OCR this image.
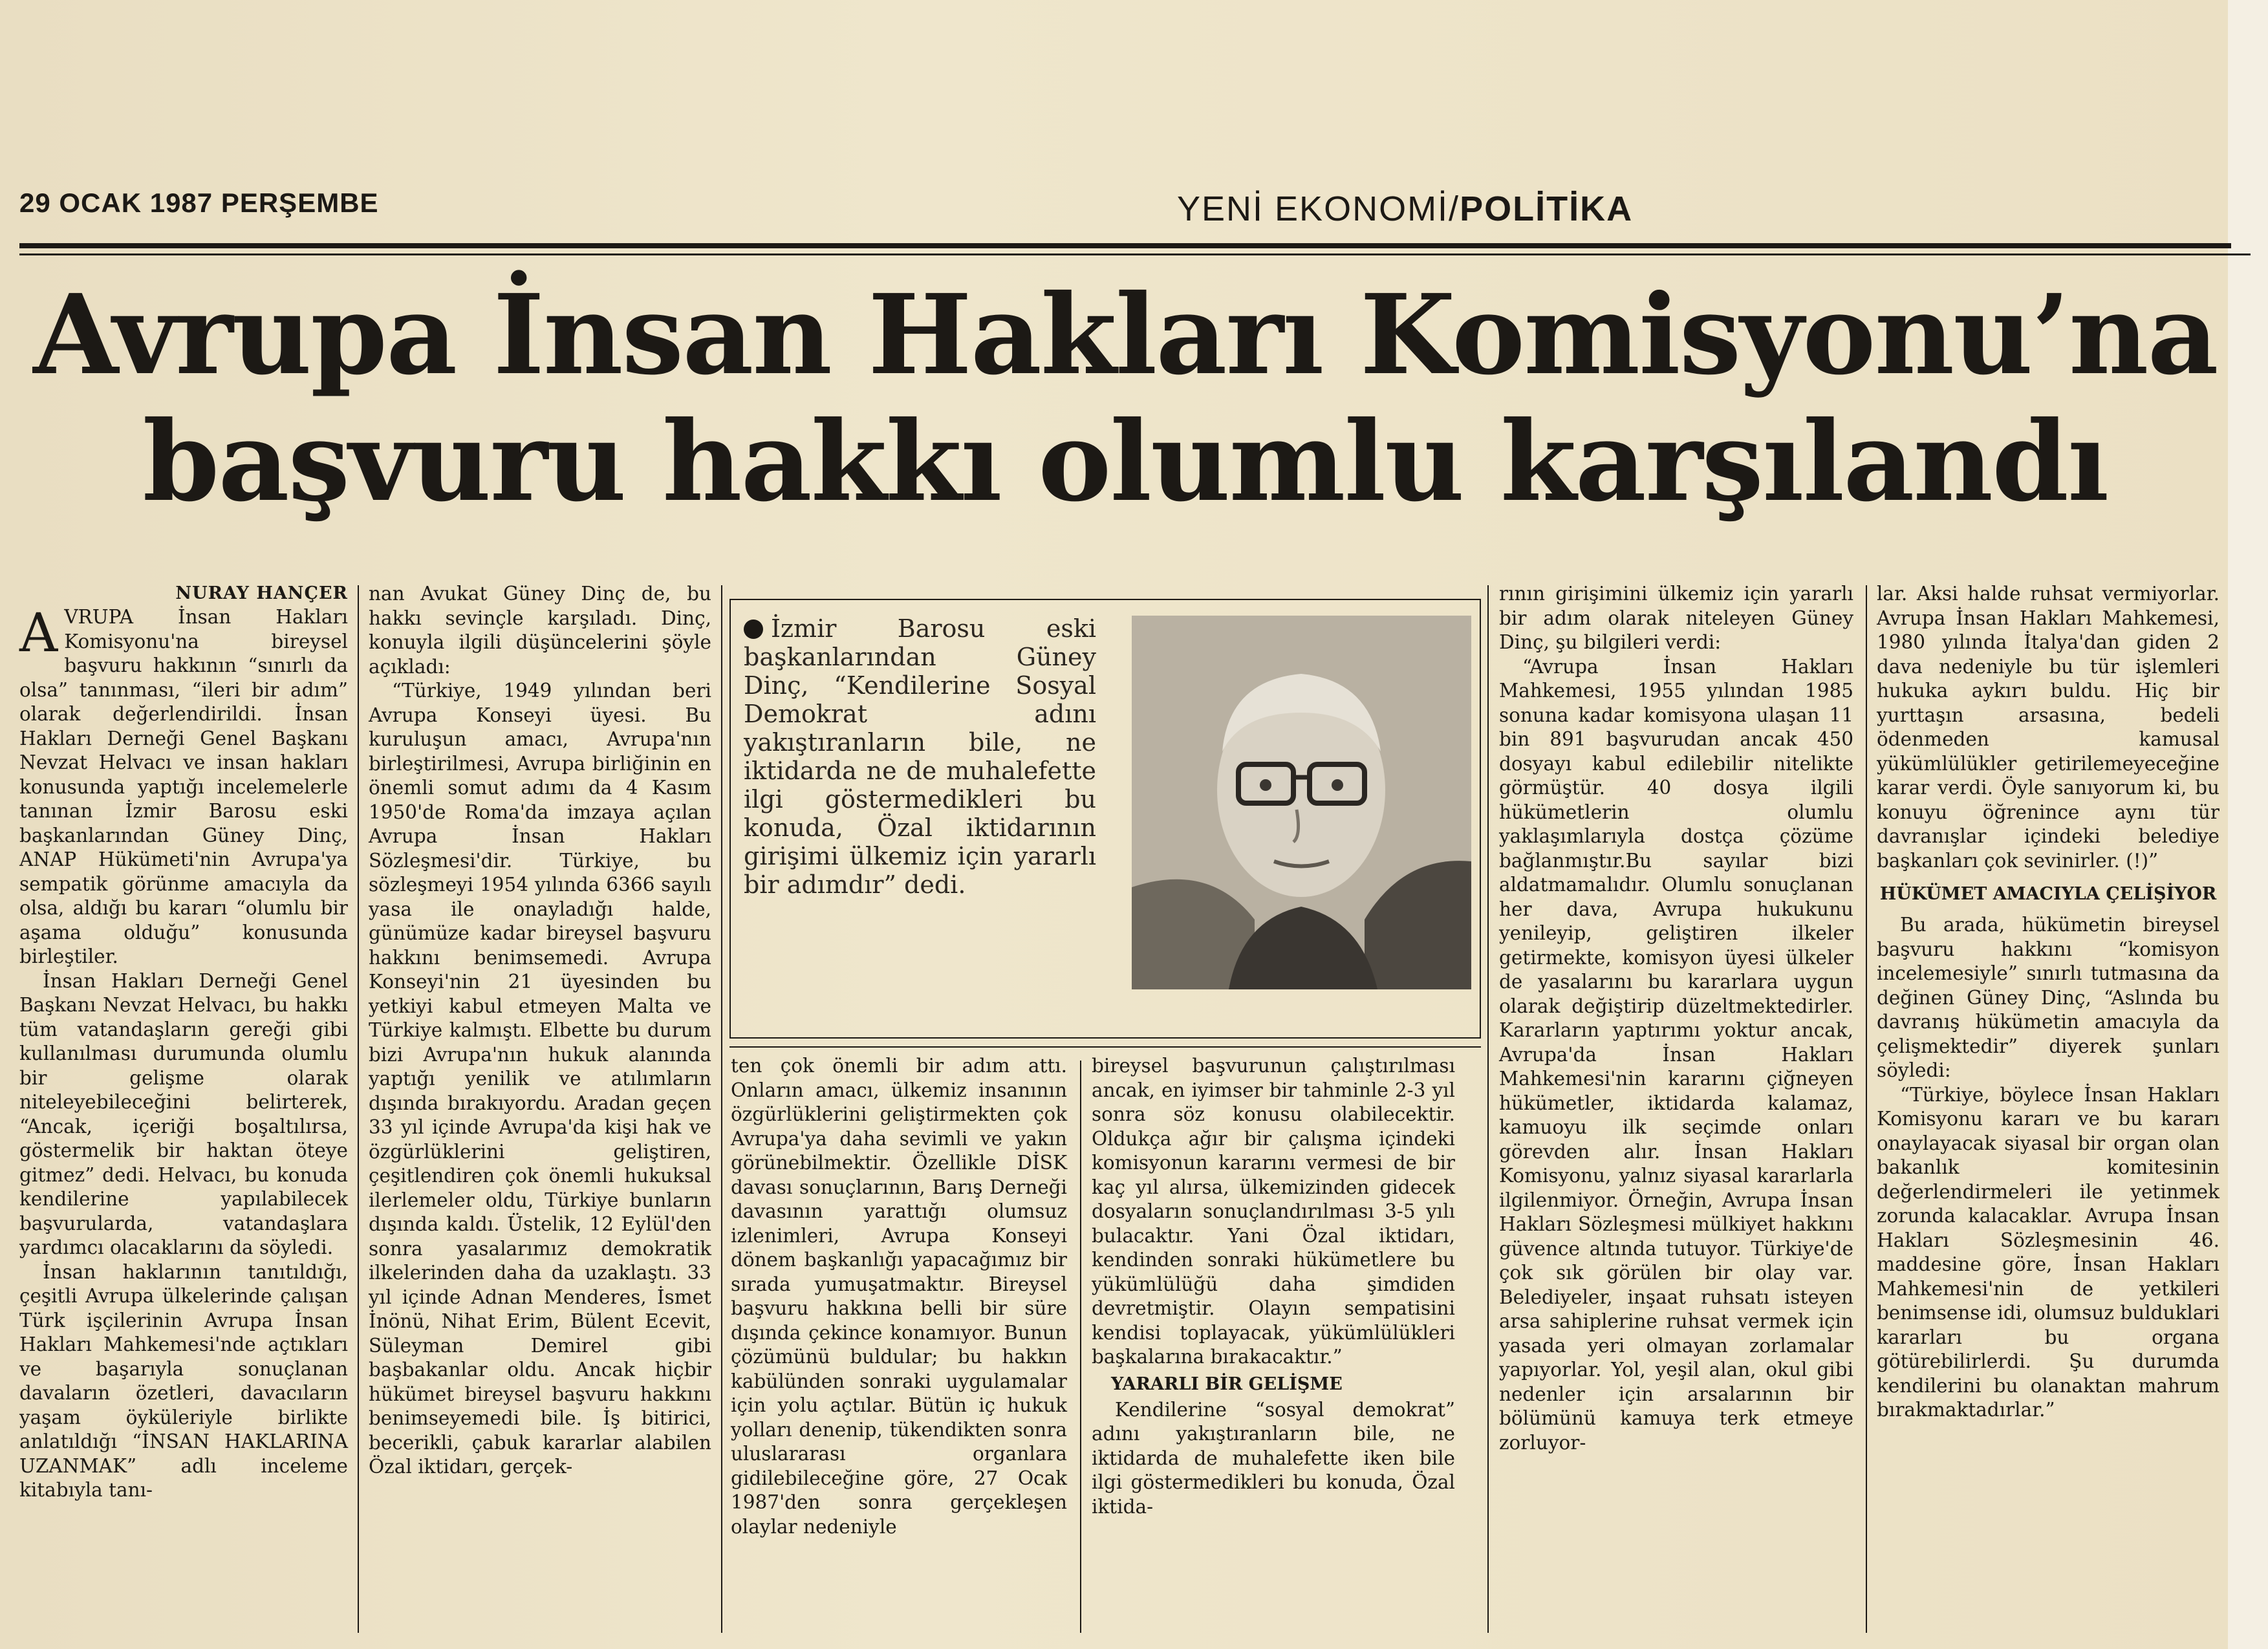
29 OCAK 1987 PERŞEMBE	YENİ EKONOMİ/POLİTİKA
Avrupa İnsan Hakları Komisyonu’na
başvuru hakkı olumlu karşılandı
NURAY HANÇER

AVRUPA İnsan Hakları Komisyonu'na bireysel başvuru hakkının “sınırlı da olsa” tanınması, “ileri bir adım” olarak değerlendirildi. İnsan Hakları Derneği Genel Başkanı Nevzat Helvacı ve insan hakları konusunda yaptığı incelemelerle tanınan İzmir Barosu eski başkanlarından Güney Dinç, ANAP Hükümeti'nin Avrupa'ya sempatik görünme amacıyla da olsa, aldığı bu kararı “olumlu bir aşama olduğu” konusunda birleştiler.

İnsan Hakları Derneği Genel Başkanı Nevzat Helvacı, bu hakkı tüm vatandaşların gereği gibi kullanılması durumunda olumlu bir gelişme olarak niteleyebileceğini belirterek, “Ancak, içeriği boşaltılırsa, göstermelik bir haktan öteye gitmez” dedi. Helvacı, bu konuda kendilerine yapılabilecek başvurularda, vatandaşlara yardımcı olacaklarını da söyledi.

İnsan haklarının tanıtıldığı, çeşitli Avrupa ülkelerinde çalışan Türk işçilerinin Avrupa İnsan Hakları Mahkemesi'nde açtıkları ve başarıyla sonuçlanan davaların özetleri, davacıların yaşam öyküleriyle birlikte anlatıldığı “İNSAN HAKLARINA UZANMAK” adlı inceleme kitabıyla tanı-

nan Avukat Güney Dinç de, bu hakkı sevinçle karşıladı. Dinç, konuyla ilgili düşüncelerini şöyle açıkladı:

“Türkiye, 1949 yılından beri Avrupa Konseyi üyesi. Bu kuruluşun amacı, Avrupa'nın birleştirilmesi, Avrupa birliğinin en önemli somut adımı da 4 Kasım 1950'de Roma'da imzaya açılan Avrupa İnsan Hakları Sözleşmesi'dir. Türkiye, bu sözleşmeyi 1954 yılında 6366 sayılı yasa ile onayladığı halde, günümüze kadar bireysel başvuru hakkını benimsemedi. Avrupa Konseyi'nin 21 üyesinden bu yetkiyi kabul etmeyen Malta ve Türkiye kalmıştı. Elbette bu durum bizi Avrupa'nın hukuk alanında yaptığı yenilik ve atılımların dışında bırakıyordu. Aradan geçen 33 yıl içinde Avrupa'da kişi hak ve özgürlüklerini geliştiren, çeşitlendiren çok önemli hukuksal ilerlemeler oldu, Türkiye bunların dışında kaldı. Üstelik, 12 Eylül'den sonra yasalarımız demokratik ilkelerinden daha da uzaklaştı. 33 yıl içinde Adnan Menderes, İsmet İnönü, Nihat Erim, Bülent Ecevit, Süleyman Demirel gibi başbakanlar oldu. Ancak hiçbir hükümet bireysel başvuru hakkını benimseyemedi bile. İş bitirici, becerikli, çabuk kararlar alabilen Özal iktidarı, gerçek-

İzmir Barosu eski başkanlarından Güney Dinç, “Kendilerine Sosyal Demokrat adını yakıştıranların bile, ne iktidarda ne de muhalefette ilgi göstermedikleri bu konuda, Özal iktidarının girişimi ülkemiz için yararlı bir adımdır” dedi.

ten çok önemli bir adım attı. Onların amacı, ülkemiz insanının özgürlüklerini geliştirmekten çok Avrupa'ya daha sevimli ve yakın görünebilmektir. Özellikle DİSK davası sonuçlarının, Barış Derneği davasının yarattığı olumsuz izlenimleri, Avrupa Konseyi dönem başkanlığı yapacağımız bir sırada yumuşatmaktır. Bireysel başvuru hakkına belli bir süre dışında çekince konamıyor. Bunun çözümünü buldular; bu hakkın kabülünden sonraki uygulamalar için yolu açtılar. Bütün iç hukuk yolları denenip, tükendikten sonra uluslararası organlara gidilebileceğine göre, 27 Ocak 1987'den sonra gerçekleşen olaylar nedeniyle

bireysel başvurunun çalıştırılması ancak, en iyimser bir tahminle 2-3 yıl sonra söz konusu olabilecektir. Oldukça ağır bir çalışma içindeki komisyonun kararını vermesi de bir kaç yıl alırsa, ülkemizinden gidecek dosyaların sonuçlandırılması 3-5 yılı bulacaktır. Yani Özal iktidarı, kendinden sonraki hükümetlere bu yükümlülüğü daha şimdiden devretmiştir. Olayın sempatisini kendisi toplayacak, yükümlülükleri başkalarına bırakacaktır.”

YARARLI BİR GELİŞME

Kendilerine “sosyal demokrat” adını yakıştıranların bile, ne iktidarda de muhalefette iken bile ilgi göstermedikleri bu konuda, Özal iktida-

rının girişimini ülkemiz için yararlı bir adım olarak niteleyen Güney Dinç, şu bilgileri verdi:

“Avrupa İnsan Hakları Mahkemesi, 1955 yılından 1985 sonuna kadar komisyona ulaşan 11 bin 891 başvurudan ancak 450 dosyayı kabul edilebilir nitelikte görmüştür. 40 dosya ilgili hükümetlerin olumlu yaklaşımlarıyla dostça çözüme bağlanmıştır.Bu sayılar bizi aldatmamalıdır. Olumlu sonuçlanan her dava, Avrupa hukukunu yenileyip, geliştiren ilkeler getirmekte, komisyon üyesi ülkeler de yasalarını bu kararlara uygun olarak değiştirip düzeltmektedirler. Kararların yaptırımı yoktur ancak, Avrupa'da İnsan Hakları Mahkemesi'nin kararını çiğneyen hükümetler, iktidarda kalamaz, kamuoyu ilk seçimde onları görevden alır. İnsan Hakları Komisyonu, yalnız siyasal kararlarla ilgilenmiyor. Örneğin, Avrupa İnsan Hakları Sözleşmesi mülkiyet hakkını güvence altında tutuyor. Türkiye'de çok sık görülen bir olay var. Belediyeler, inşaat ruhsatı isteyen arsa sahiplerine ruhsat vermek için yasada yeri olmayan zorlamalar yapıyorlar. Yol, yeşil alan, okul gibi nedenler için arsalarının bir bölümünü kamuya terk etmeye zorluyor-

lar. Aksi halde ruhsat vermiyorlar. Avrupa İnsan Hakları Mahkemesi, 1980 yılında İtalya'dan giden 2 dava nedeniyle bu tür işlemleri hukuka aykırı buldu. Hiç bir yurttaşın arsasına, bedeli ödenmeden kamusal yükümlülükler getirilemeyeceğine karar verdi. Öyle sanıyorum ki, bu konuyu öğrenince aynı tür davranışlar içindeki belediye başkanları çok sevinirler. (!)”

HÜKÜMET AMACIYLA ÇELİŞİYOR

Bu arada, hükümetin bireysel başvuru hakkını “komisyon incelemesiyle” sınırlı tutmasına da değinen Güney Dinç, “Aslında bu davranış hükümetin amacıyla da çelişmektedir” diyerek şunları söyledi:

“Türkiye, böylece İnsan Hakları Komisyonu kararı ve bu kararı onaylayacak siyasal bir organ olan bakanlık komitesinin değerlendirmeleri ile yetinmek zorunda kalacaklar. Avrupa İnsan Hakları Sözleşmesinin 46. maddesine göre, İnsan Hakları Mahkemesi'nin de yetkileri benimsense idi, olumsuz bulduklari kararları bu organa götürebilirlerdi. Şu durumda kendilerini bu olanaktan mahrum bırakmaktadırlar.”
